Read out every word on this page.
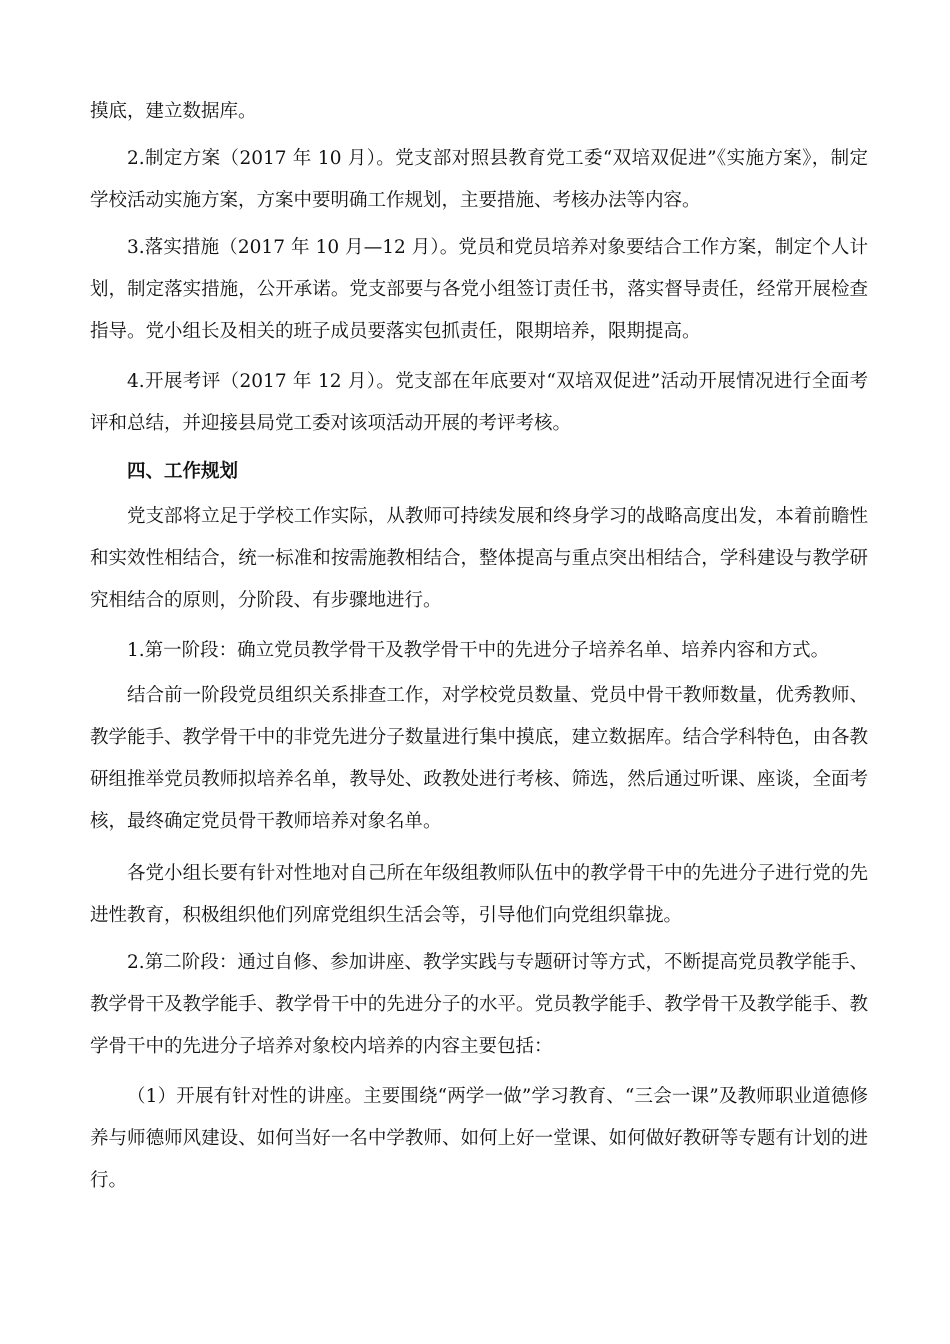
摸底，建立数据库。

2.制定方案（2017 年 10 月）。党支部对照县教育党工委“双培双促进”《实施方案》，制定学校活动实施方案，方案中要明确工作规划，主要措施、考核办法等内容。

3.落实措施（2017 年 10 月—12 月）。党员和党员培养对象要结合工作方案，制定个人计划，制定落实措施，公开承诺。党支部要与各党小组签订责任书，落实督导责任，经常开展检查指导。党小组长及相关的班子成员要落实包抓责任，限期培养，限期提高。

4.开展考评（2017 年 12 月）。党支部在年底要对“双培双促进”活动开展情况进行全面考评和总结，并迎接县局党工委对该项活动开展的考评考核。

四、工作规划

党支部将立足于学校工作实际，从教师可持续发展和终身学习的战略高度出发，本着前瞻性和实效性相结合，统一标准和按需施教相结合，整体提高与重点突出相结合，学科建设与教学研究相结合的原则，分阶段、有步骤地进行。

1.第一阶段：确立党员教学骨干及教学骨干中的先进分子培养名单、培养内容和方式。

结合前一阶段党员组织关系排查工作，对学校党员数量、党员中骨干教师数量，优秀教师、教学能手、教学骨干中的非党先进分子数量进行集中摸底，建立数据库。结合学科特色，由各教研组推举党员教师拟培养名单，教导处、政教处进行考核、筛选，然后通过听课、座谈，全面考核，最终确定党员骨干教师培养对象名单。

各党小组长要有针对性地对自己所在年级组教师队伍中的教学骨干中的先进分子进行党的先进性教育，积极组织他们列席党组织生活会等，引导他们向党组织靠拢。

2.第二阶段：通过自修、参加讲座、教学实践与专题研讨等方式，不断提高党员教学能手、教学骨干及教学能手、教学骨干中的先进分子的水平。党员教学能手、教学骨干及教学能手、教学骨干中的先进分子培养对象校内培养的内容主要包括：

（1）开展有针对性的讲座。主要围绕“两学一做”学习教育、“三会一课”及教师职业道德修养与师德师风建设、如何当好一名中学教师、如何上好一堂课、如何做好教研等专题有计划的进行。
